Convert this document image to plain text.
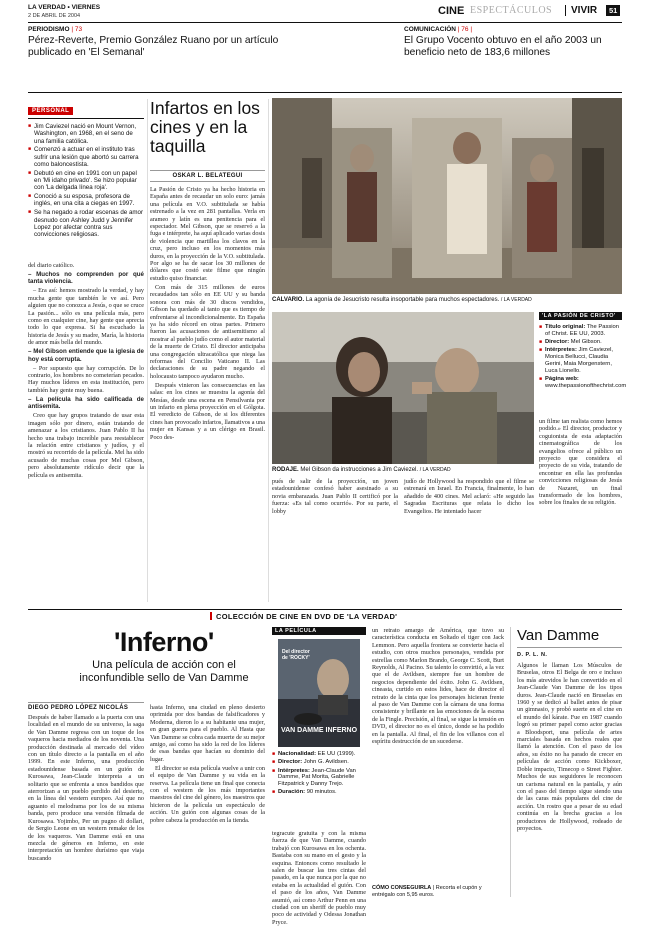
LA VERDAD • VIERNES
2 DE ABRIL DE 2004	CINE ESPECTÁCULOS VIVIR	51
PERIODISMO | 73
Pérez-Reverte, Premio González Ruano por un artículo publicado en 'El Semanal'
COMUNICACIÓN | 76 |
El Grupo Vocento obtuvo en el año 2003 un beneficio neto de 183,6 millones
PERSONAL
■ Jim Caviezel nació en Mount Vernon, Washington, en 1968, en el seno de una familia católica.
■ Comenzó a actuar en el instituto tras sufrir una lesión que abortó su carrera como baloncestista.
■ Debutó en cine en 1991 con un papel en 'Mi idaho privado'. Se hizo popular con 'La delgada línea roja'.
■ Conoció a su esposa, profesora de inglés, en una cita a ciegas en 1997.
■ Se ha negado a rodar escenas de amor desnudo con Ashley Judd y Jennifer Lopez por afectar contra sus convicciones religiosas.
Infartos en los cines y en la taquilla
OSKAR L. BELATEGUI

del diario católico.

– Muchos no comprenden por qué tanta violencia.

– Era así: hemos mostrado la verdad, y hay mucha gente que también le ve así. Pero alguien que no conozca a Jesús, o que se cruce La pasión... sólo es una película más, pero como en cualquier cine, hay gente que aprecia todo lo que expresa. Si ha escuchado la historia de Jesús y su madre, María, la historia de amor más bella del mundo.

– Mel Gibson entiende que la iglesia de hoy está corrupta.

– Por supuesto que hay corrupción. De lo contrario, los hombres no cometerían pecados. Hay muchos líderes en esta institución, pero también hay gente muy buena.

– La película ha sido calificada de antisemita.

Creo que hay grupos tratando de usar esta imagen sólo por dinero, están tratando de amenazar a los cristianos. Juan Pablo II ha hecho una trabajo increíble para reestablecer la relación entre cristianos y judíos, y el mostró su recorrido de la película. Mel ha sido acusado de muchas cosas por Mel Gibson, pero absolutamente ridículo decir que la película es antisemita.

La Pasión de Cristo ya ha hecho historia en España antes de recaudar un solo euro: jamás una película en V.O. subtitulada se había estrenado a la vez en 281 pantallas. Verla en arameo y latín es una penitencia para el espectador. Mel Gibson, que se reservó a la fuga e intérprete, ha aquí aplicado varias dosis de violencia que martillea los clavos en la cruz, pero incluso en los momentos más duros, en la proyección de la V.O. subtitulada. Por algo se ha de sacar los 30 millones de dólares que costó este filme que ningún estudio quiso financiar.

Con más de 315 millones de euros recaudados tan sólo en EE UU y su banda sonora con más de 30 discos vendidos, Gibson ha quedado al tanto que es tiempo de enfrentarse al incondicionalmente. En España ya ha sido récord en otras partes. Primero fueron las acusaciones de antisemitismo al mostrar al pueblo judío como el autor material de la muerte de Cristo. El director anticipaba una congregación ultracatólica que niega las reformas del Concilio Vaticano II. Las declaraciones de su padre negando el holocausto tampoco ayudaron mucho.

Después vinieron las consecuencias en las salas: en los cines se muestra la agonía del Mesías, desde una escena en Pensilvania por un infarto en plena proyección en el Gólgota. El veredicto de Gibson, de si los diferentes cines han provocado infartos, llamativos a una mujer en Kansas y a un clérigo en Brasil. Poco des-

CALVARIO. La agonía de Jesucristo resulta insoportable para muchos espectadores. / LA VERDAD
RODAJE. Mel Gibson da instrucciones a Jim Caviezel. / LA VERDAD
'LA PASIÓN DE CRISTO'
■ Título original: The Passion of Christ. EE UU, 2003.
■ Director: Mel Gibson.
■ Intérpretes: Jim Caviezel, Monica Bellucci, Claudia Gerini, Maia Morgenstern, Luca Lionello.
■ Página web: www.thepassionofthechrist.com
un filme tan realista como hemos podido.» El director, productor y coguionista de esta adaptación cinematográfica de los evangelios ofrece al público un proyecto que considera el proyecto de su vida, tratando de encontrar en ella las profundas convicciones religiosas de Jesús de Nazaret, un final transformado de los hombres, sobre los finales de su religión.
pués de salir de la proyección, un joven estadounidense confesó haber asesinado a su novia embarazada. Juan Pablo II certificó por la fuerza: «Es tal como ocurrió». Por su parte, el lobby
judío de Hollywood ha respondido que el filme se estrenará en Israel. En Francia, finalmente, lo han añadido de 400 cines. Mel aclaró: «He seguido las Sagradas Escrituras que relata lo dicho los Evangelios. He intentado hacer
COLECCIÓN DE CINE EN DVD DE 'LA VERDAD'
'Inferno'
Una película de acción con el inconfundible sello de Van Damme
DIEGO PEDRO LÓPEZ NICOLÁS
Después de haber llamado a la puerta con una localidad en el mundo de su universo, la saga de Van Damme regresa con un toque de los vaqueros hacia mediados de los noventa. Una producción destinada al mercado del vídeo con un título directo a la pantalla en el año 1999. En este Inferno, una producción estadounidense basada en un guión de Kurosawa, Jean-Claude interpreta a un solitario que se enfrenta a unos bandidos que aterrorizan a un pueblo perdido del desierto, en la línea del western europeo. Así que no aguanto el melodrama por los de su misma banda, pero produce una versión filmada de Kurosawa. Yojimbo, Per un pugno di dollari, de Sergio Leone en un western remake de los de los vaqueros. Van Damme está en una mezcla de géneros en Inferno, en este interpretación un hombre durísimo que viaja buscando

hasta Inferno, una ciudad en pleno desierto oprimida por dos bandas de falsificadores y Moderna, dieron lo a su habitante una mujer, en gran guerra para el pueblo. Al Hasta que Van Damme se cobra cada muerte de su mejor amigo, así como ha sido la red de los líderes de esas bandas que hacían su dominio del lugar.

El director se esta película vuelve a unir con el equipo de Van Damme y su vida en la reserva. La película tiene un final que conecta con el western de los más importantes maestros del cine del género, los maestros que hicieron de la película un espectáculo de acción. Un guión con algunas cosas de la pobre cabeza la producción en la tienda.

LA PELÍCULA
Del director de 'ROCKY'
VAN DAMME INFERNO
■ Nacionalidad: EE UU (1999).
■ Director: John G. Avildsen.
■ Intérpretes: Jean-Claude Van Damme, Pat Morita, Gabrielle Fitzpatrick y Danny Trejo.
■ Duración: 90 minutos.
tegracute gratuita y con la misma fuerza de que Van Damme, cuando trabajó con Kurosawa en los ochenta. Bastaba con su mano en el gesto y la esquina. Entonces como resultado le salen de buscar las tres cintas del pasado, en la que nunca por la que no estaba en la actualidad el guión. Con el paso de los años, Van Damme asumió, así como Arthur Penn en una ciudad con un sheriff de pueblo muy poco de actividad y Odessa Jonathan Pryce.
un retrato amargo de América, que tuvo su característica conducta en Soltado el tiger con Jack Lemmon. Pero aquella frontera se convierte hacia el estudio, con otros muchos personajes, vendida por estrellas como Marlon Brando, George C. Scott, Burt Reynolds, Al Pacino. Su talento lo convirtió, a la vez que el de Avildsen, siempre fue un hombre de negocios dependiente del éxito. John G. Avildsen, cineasta, curtido en estos lides, hace de director el retrato de la cinta que los personajes hicieran frente al paso de Van Damme con la cámara de una forma consistente y brillante en las emociones de la escena de la Fingle. Precisión, al final, se sigue la tensión en DVD, el director no es el único, donde se ha podido en la pantalla. Al final, el fin de los villanos con el espíritu destrucción de un sucederse.
CÓMO CONSEGUIRLA | Recorta el cupón y entrégalo con 5,95 euros.
Van Damme
D. P. L. N.
Algunos le llaman Los Músculos de Bruselas, otros El Belga de oro e incluso los más atrevidos le han convertido en el Jean-Claude Van Damme de los tipos duros. Jean-Claude nació en Bruselas en 1960 y se dedicó al ballet antes de pisar un gimnasio, y probó suerte en el cine en el mundo del kárate. Fue en 1987 cuando logró su primer papel como actor gracias a Bloodsport, una película de artes marciales basada en hechos reales que llamó la atención. Con el paso de los años, su éxito no ha parado de crecer en películas de acción como Kickboxer, Doble impacto, Timecop o Street Fighter. Muchos de sus seguidores le reconocen un carisma natural en la pantalla, y aún con el paso del tiempo sigue siendo una de las caras más populares del cine de acción. Un rostro que a pesar de su edad continúa en la brecha gracias a los productores de Hollywood, rodeado de proyectos.
